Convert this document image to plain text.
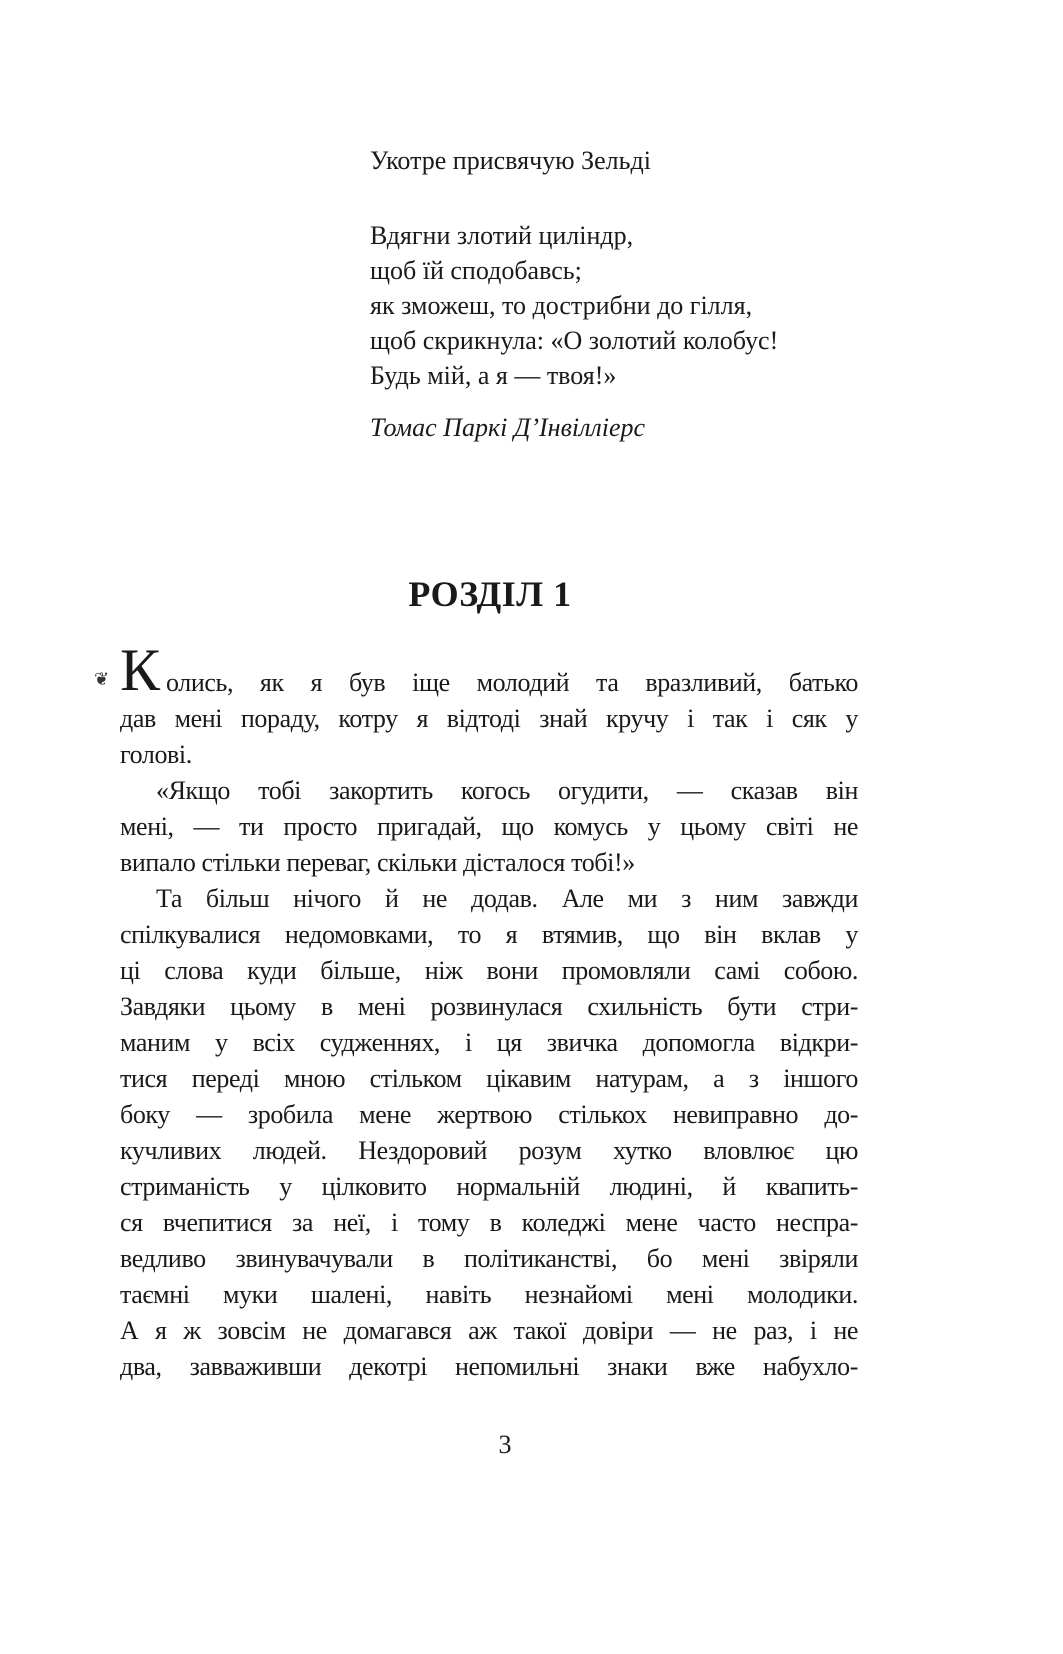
Укотре присвячую Зельді
Вдягни злотий циліндр,
щоб їй сподобавсь;
як зможеш, то дострибни до гілля,
щоб скрикнула: «О золотий колобус!
Будь мій, а я — твоя!»
Томас Паркі Д’Інвілліерс
РОЗДІЛ 1
❦ К олись, як я був іще молодий та вразливий, батько
дав мені пораду, котру я відтоді знай кручу і так і сяк у
голові.
«Якщо тобі закортить когось огудити, — сказав він
мені, — ти просто пригадай, що комусь у цьому світі не
випало стільки переваг, скільки дісталося тобі!»
Та більш нічого й не додав. Але ми з ним завжди
спілкувалися недомовками, то я втямив, що він вклав у
ці слова куди більше, ніж вони промовляли самі собою.
Завдяки цьому в мені розвинулася схильність бути стри-
маним у всіх судженнях, і ця звичка допомогла відкри-
тися переді мною стільком цікавим натурам, а з іншого
боку — зробила мене жертвою стількох невиправно до-
кучливих людей. Нездоровий розум хутко вловлює цю
стриманість у цілковито нормальній людині, й квапить-
ся вчепитися за неї, і тому в коледжі мене часто неспра-
ведливо звинувачували в політиканстві, бо мені звіряли
таємні муки шалені, навіть незнайомі мені молодики.
А я ж зовсім не домагався аж такої довіри — не раз, і не
два, завваживши декотрі непомильні знаки вже набухло-
3
